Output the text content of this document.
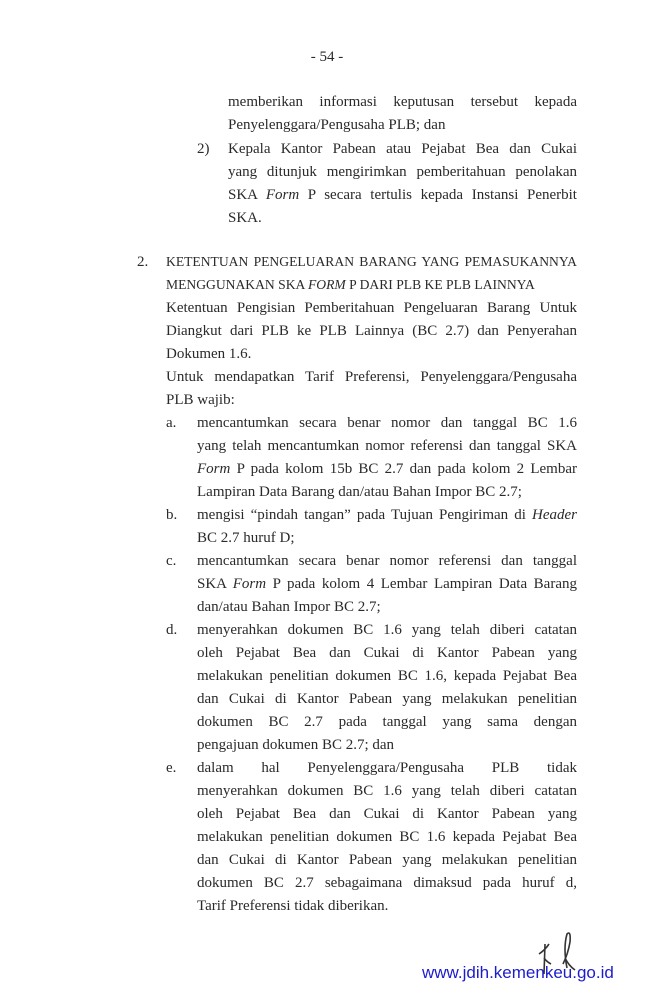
- 54 -
memberikan informasi keputusan tersebut kepada
Penyelenggara/Pengusaha PLB; dan
2) Kepala Kantor Pabean atau Pejabat Bea dan Cukai
yang ditunjuk mengirimkan pemberitahuan penolakan
SKA Form P secara tertulis kepada Instansi Penerbit
SKA.
2. KETENTUAN PENGELUARAN BARANG YANG PEMASUKANNYA
MENGGUNAKAN SKA FORM P DARI PLB KE PLB LAINNYA
Ketentuan Pengisian Pemberitahuan Pengeluaran Barang Untuk
Diangkut dari PLB ke PLB Lainnya (BC 2.7) dan Penyerahan
Dokumen 1.6.
Untuk mendapatkan Tarif Preferensi, Penyelenggara/Pengusaha
PLB wajib:
a. mencantumkan secara benar nomor dan tanggal BC 1.6
yang telah mencantumkan nomor referensi dan tanggal SKA
Form P pada kolom 15b BC 2.7 dan pada kolom 2 Lembar
Lampiran Data Barang dan/atau Bahan Impor BC 2.7;
b. mengisi “pindah tangan” pada Tujuan Pengiriman di Header
BC 2.7 huruf D;
c. mencantumkan secara benar nomor referensi dan tanggal
SKA Form P pada kolom 4 Lembar Lampiran Data Barang
dan/atau Bahan Impor BC 2.7;
d. menyerahkan dokumen BC 1.6 yang telah diberi catatan
oleh Pejabat Bea dan Cukai di Kantor Pabean yang
melakukan penelitian dokumen BC 1.6, kepada Pejabat Bea
dan Cukai di Kantor Pabean yang melakukan penelitian
dokumen BC 2.7 pada tanggal yang sama dengan
pengajuan dokumen BC 2.7; dan
e. dalam hal Penyelenggara/Pengusaha PLB tidak
menyerahkan dokumen BC 1.6 yang telah diberi catatan
oleh Pejabat Bea dan Cukai di Kantor Pabean yang
melakukan penelitian dokumen BC 1.6 kepada Pejabat Bea
dan Cukai di Kantor Pabean yang melakukan penelitian
dokumen BC 2.7 sebagaimana dimaksud pada huruf d,
Tarif Preferensi tidak diberikan.
www.jdih.kemenkeu.go.id
